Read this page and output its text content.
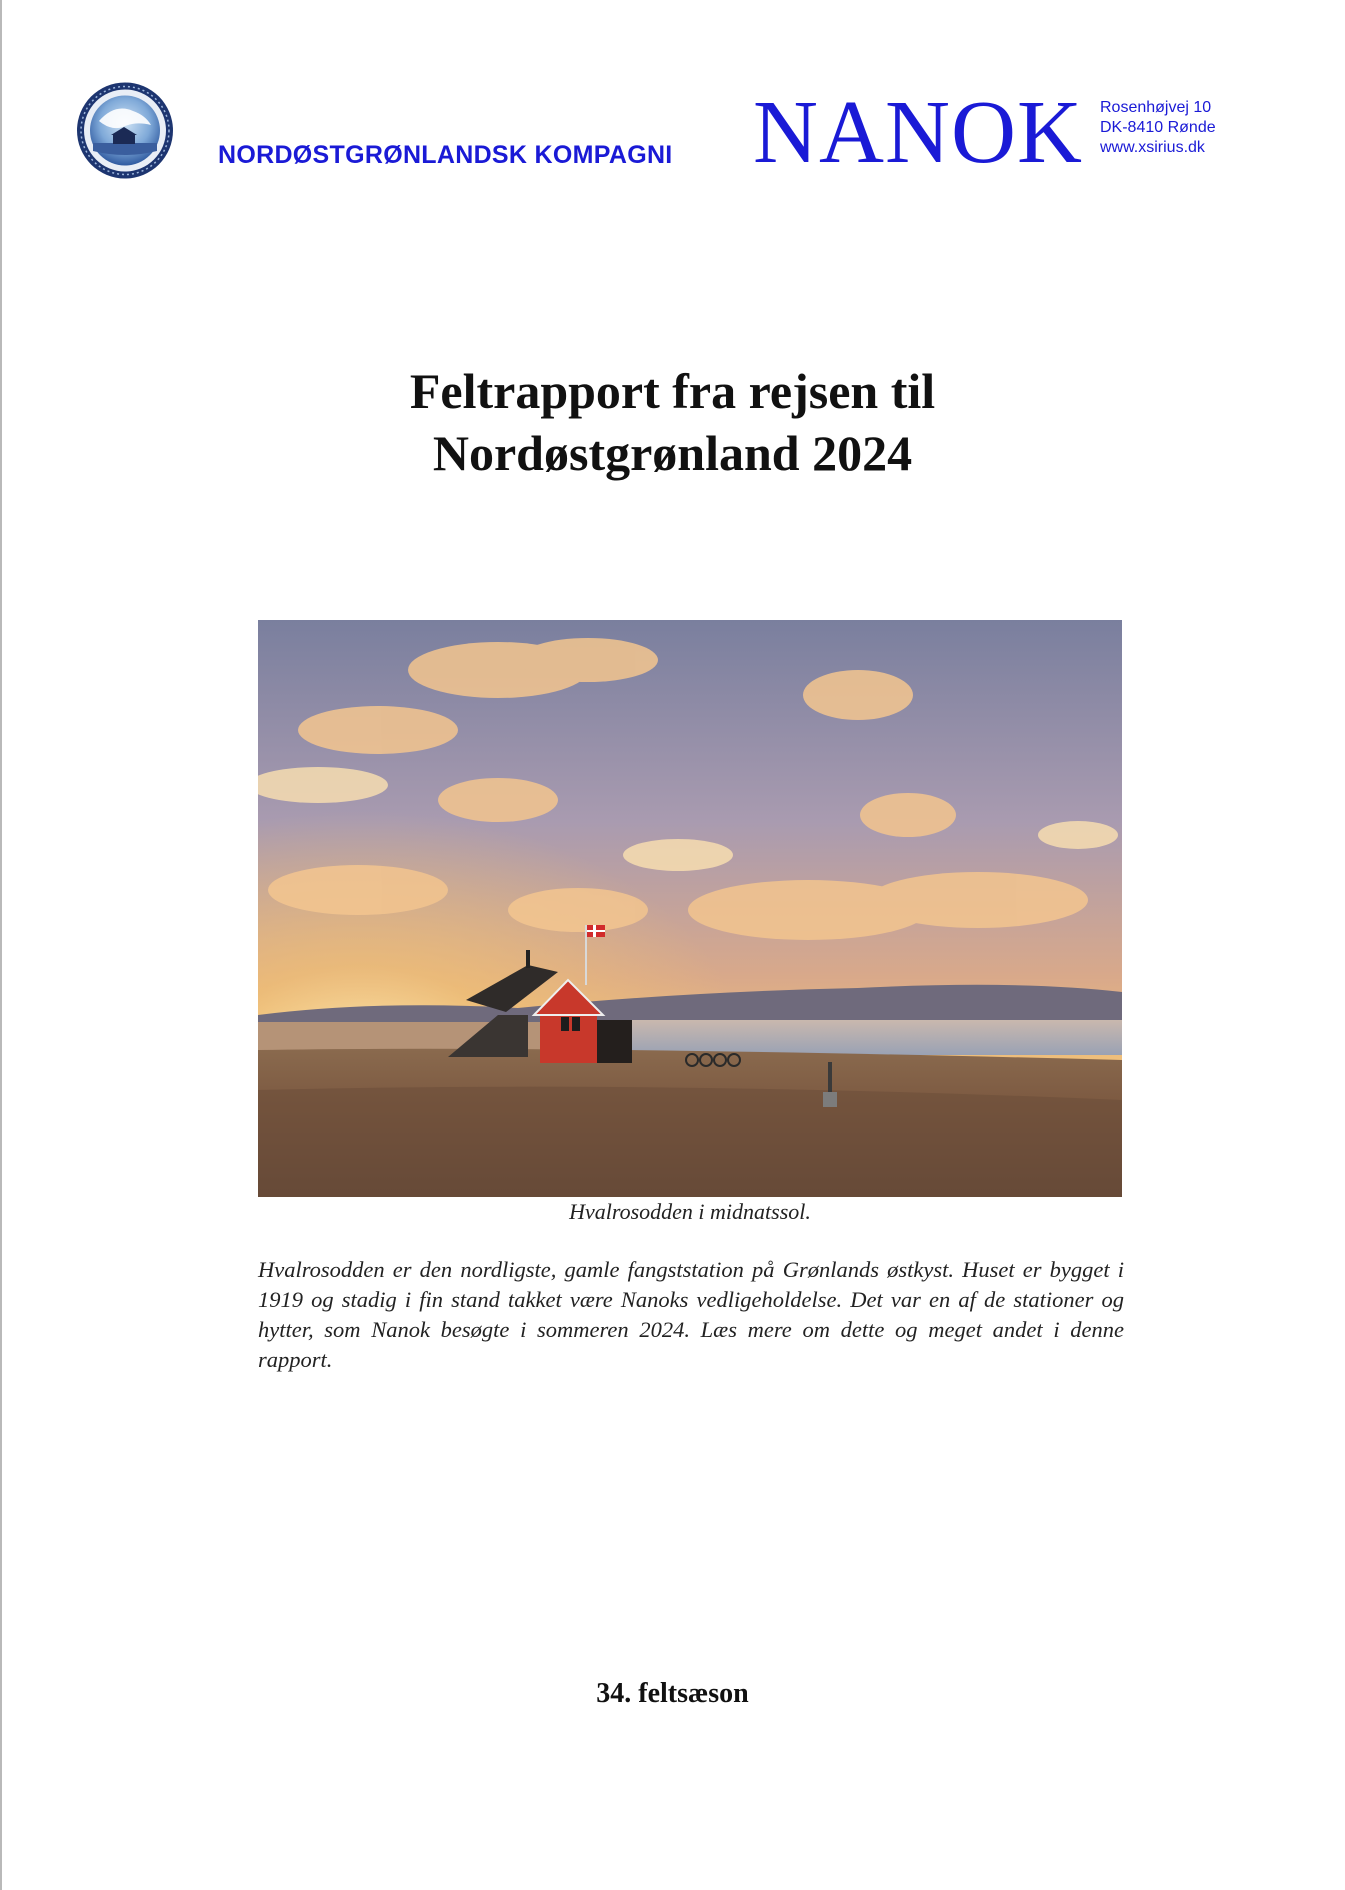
NORDØSTGRØNLANDSK KOMPAGNI NANOK Rosenhøjvej 10
DK-8410 Rønde
www.xsirius.dk
Feltrapport fra rejsen til
Nordøstgrønland 2024
Hvalrosodden i midnatssol.
Hvalrosodden er den nordligste, gamle fangststation på Grønlands østkyst. Huset er bygget i 1919 og stadig i fin stand takket være Nanoks vedligeholdelse. Det var en af de stationer og hytter, som Nanok besøgte i sommeren 2024. Læs mere om dette og meget andet i denne rapport.
34. feltsæson
